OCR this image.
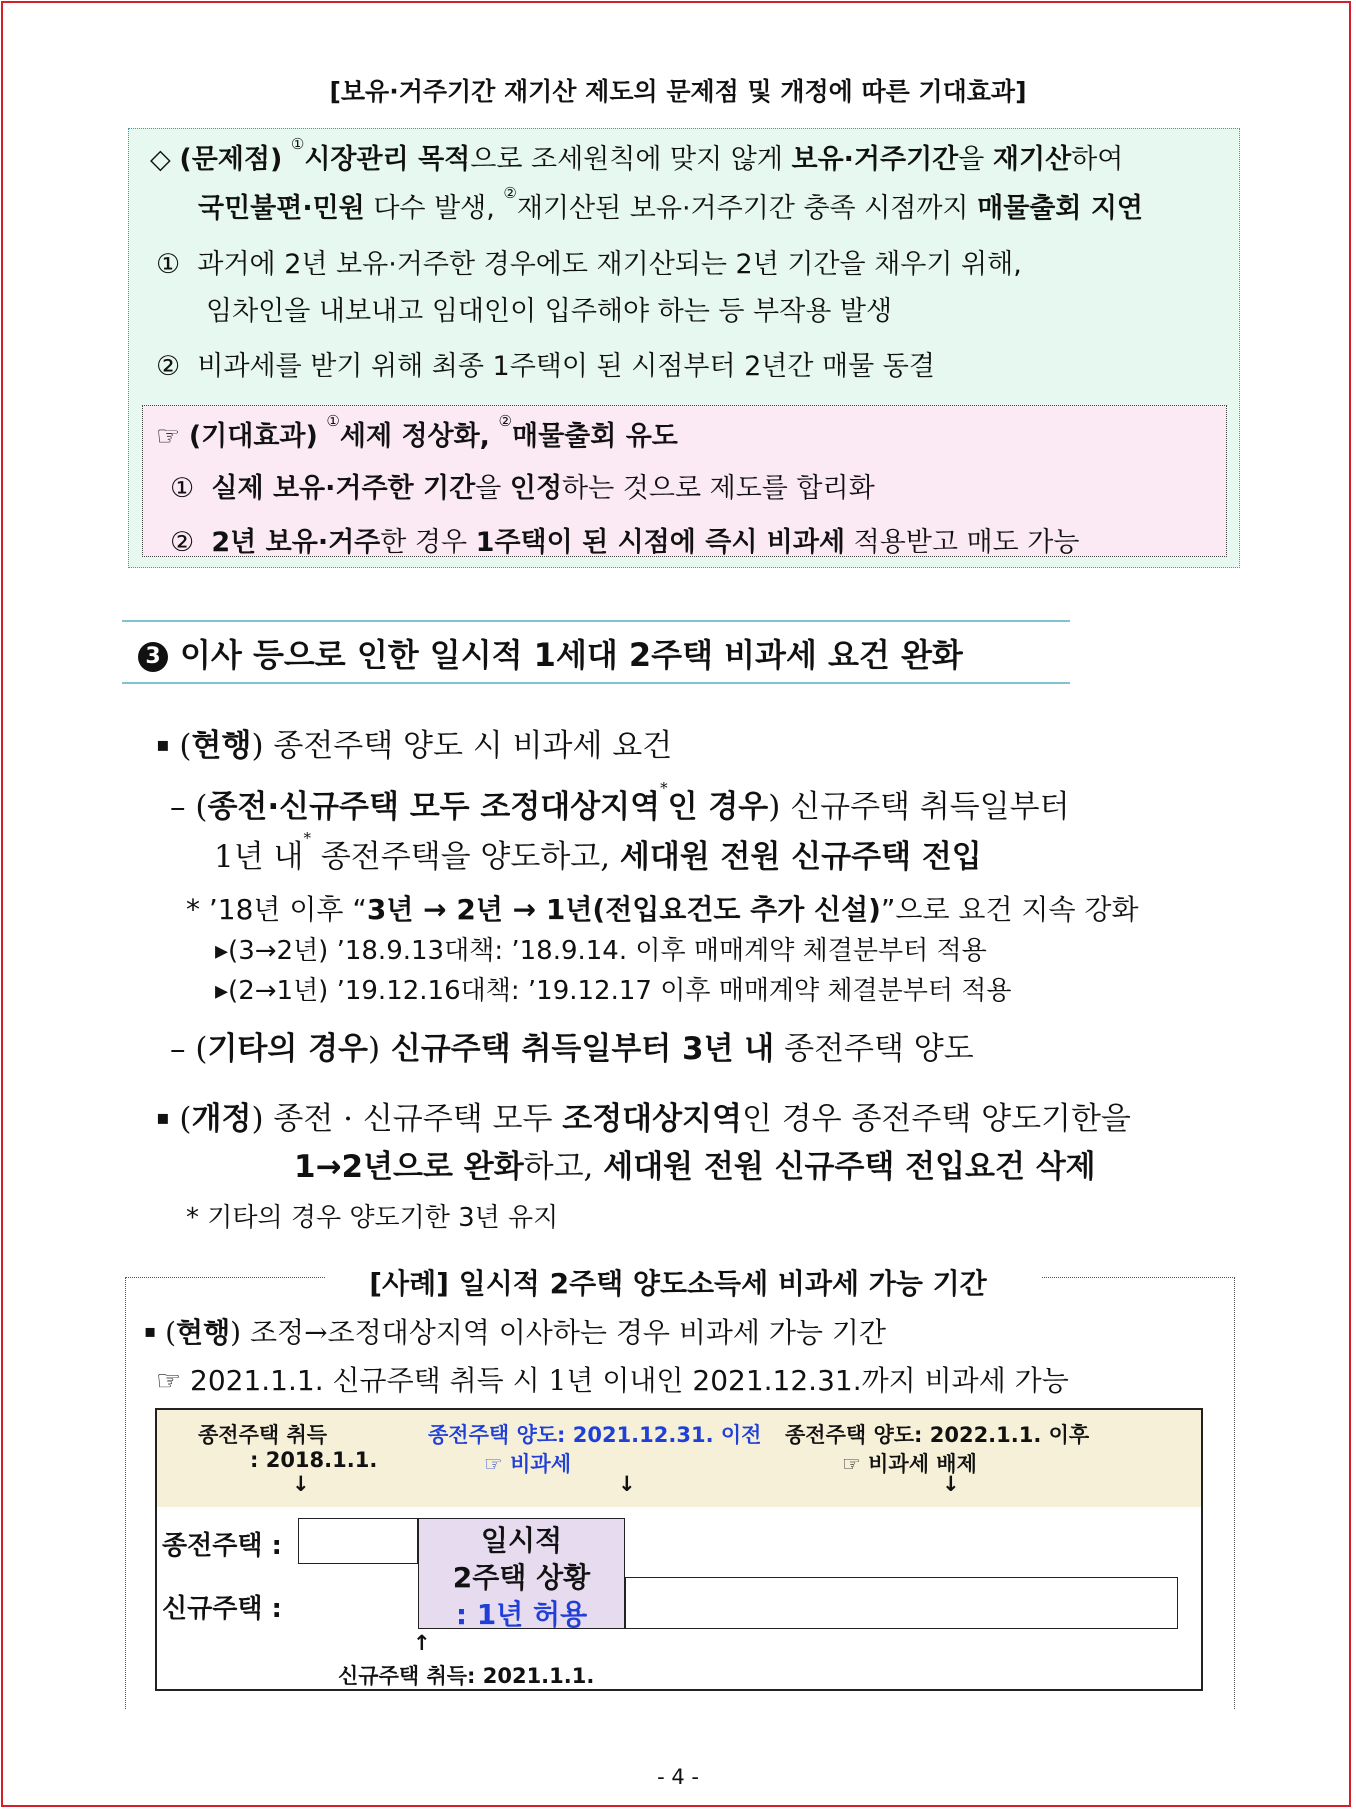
[보유·거주기간 재기산 제도의 문제점 및 개정에 따른 기대효과]
◇ (문제점) ①시장관리 목적으로 조세원칙에 맞지 않게 보유·거주기간을 재기산하여
국민불편·민원 다수 발생, ②재기산된 보유·거주기간 충족 시점까지 매물출회 지연
① 과거에 2년 보유·거주한 경우에도 재기산되는 2년 기간을 채우기 위해,
임차인을 내보내고 임대인이 입주해야 하는 등 부작용 발생
② 비과세를 받기 위해 최종 1주택이 된 시점부터 2년간 매물 동결
☞ (기대효과) ①세제 정상화, ②매물출회 유도
① 실제 보유·거주한 기간을 인정하는 것으로 제도를 합리화
② 2년 보유·거주한 경우 1주택이 된 시점에 즉시 비과세 적용받고 매도 가능
3 이사 등으로 인한 일시적 1세대 2주택 비과세 요건 완화
▪ (현행) 종전주택 양도 시 비과세 요건
– (종전·신규주택 모두 조정대상지역*인 경우) 신규주택 취득일부터
1년 내* 종전주택을 양도하고, 세대원 전원 신규주택 전입
* ’18년 이후 “3년 → 2년 → 1년(전입요건도 추가 신설)”으로 요건 지속 강화
▸(3→2년) ’18.9.13대책: ’18.9.14. 이후 매매계약 체결분부터 적용
▸(2→1년) ’19.12.16대책: ’19.12.17 이후 매매계약 체결분부터 적용
– (기타의 경우) 신규주택 취득일부터 3년 내 종전주택 양도
▪ (개정) 종전 · 신규주택 모두 조정대상지역인 경우 종전주택 양도기한을
1→2년으로 완화하고, 세대원 전원 신규주택 전입요건 삭제
* 기타의 경우 양도기한 3년 유지
[사례] 일시적 2주택 양도소득세 비과세 가능 기간
▪ (현행) 조정→조정대상지역 이사하는 경우 비과세 가능 기간
☞ 2021.1.1. 신규주택 취득 시 1년 이내인 2021.12.31.까지 비과세 가능
종전주택 취득
: 2018.1.1.
↓
종전주택 양도: 2021.12.31. 이전
☞ 비과세
↓
종전주택 양도: 2022.1.1. 이후
☞ 비과세 배제
↓
종전주택 :
신규주택 :
일시적
2주택 상황
: 1년 허용
↑
신규주택 취득: 2021.1.1.
- 4 -
